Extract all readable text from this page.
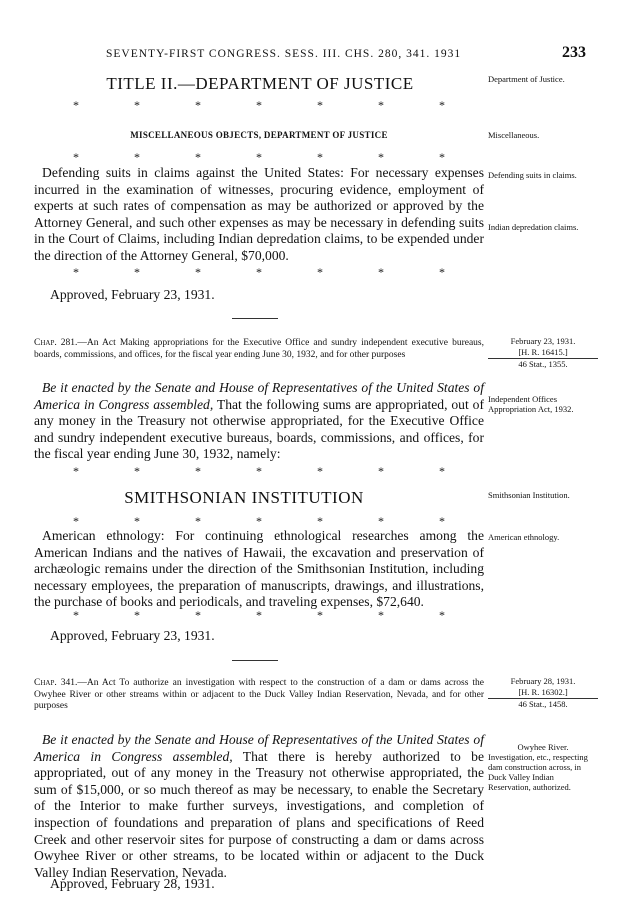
SEVENTY-FIRST CONGRESS. SESS. III. CHS. 280, 341. 1931	233
TITLE II.—DEPARTMENT OF JUSTICE	Department of Justice.
*	*	*	*	*	*	*
MISCELLANEOUS OBJECTS, DEPARTMENT OF JUSTICE	Miscellaneous.
*	*	*	*	*	*	*

Defending suits in claims against the United States: For necessary expenses incurred in the examination of witnesses, procuring evidence, employment of experts at such rates of compensation as may be authorized or approved by the Attorney General, and such other expenses as may be necessary in defending suits in the Court of Claims, including Indian depredation claims, to be expended under the direction of the Attorney General, $70,000.

Defending suits in claims.
Indian depredation claims.
*	*	*	*	*	*	*
Approved, February 23, 1931.
Chap. 281.—An Act Making appropriations for the Executive Office and sundry independent executive bureaus, boards, commissions, and offices, for the fiscal year ending June 30, 1932, and for other purposes
February 23, 1931.
[H. R. 16415.]
46 Stat., 1355.

Be it enacted by the Senate and House of Representatives of the United States of America in Congress assembled, That the following sums are appropriated, out of any money in the Treasury not otherwise appropriated, for the Executive Office and sundry independent executive bureaus, boards, commissions, and offices, for the fiscal year ending June 30, 1932, namely:

Independent Offices Appropriation Act, 1932.
*	*	*	*	*	*	*
SMITHSONIAN INSTITUTION	Smithsonian Institution.
*	*	*	*	*	*	*

American ethnology: For continuing ethnological researches among the American Indians and the natives of Hawaii, the excavation and preservation of archæologic remains under the direction of the Smithsonian Institution, including necessary employees, the preparation of manuscripts, drawings, and illustrations, the purchase of books and periodicals, and traveling expenses, $72,640.

American ethnology.
*	*	*	*	*	*	*
Approved, February 23, 1931.
Chap. 341.—An Act To authorize an investigation with respect to the construction of a dam or dams across the Owyhee River or other streams within or adjacent to the Duck Valley Indian Reservation, Nevada, and for other purposes
February 28, 1931.
[H. R. 16302.]
46 Stat., 1458.

Be it enacted by the Senate and House of Representatives of the United States of America in Congress assembled, That there is hereby authorized to be appropriated, out of any money in the Treasury not otherwise appropriated, the sum of $15,000, or so much thereof as may be necessary, to enable the Secretary of the Interior to make further surveys, investigations, and completion of inspection of foundations and preparation of plans and specifications of Reed Creek and other reservoir sites for purpose of constructing a dam or dams across Owyhee River or other streams, to be located within or adjacent to the Duck Valley Indian Reservation, Nevada.

Owyhee River.
Investigation, etc., respecting dam construction across, in Duck Valley Indian Reservation, authorized.
Approved, February 28, 1931.
